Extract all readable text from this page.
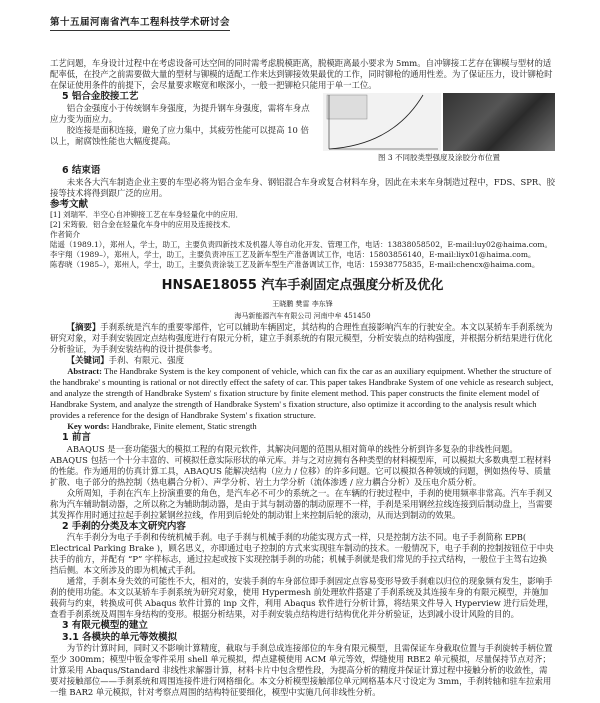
第十五届河南省汽车工程科技学术研讨会

工艺问题，车身设计过程中在考虑设备可达空间的同时需考虑脱模距离，脱模距离最小要求为 5mm。自冲铆接工艺存在铆模与型材的适配率低，在投产之前需要做大量的型材与铆模的适配工作来达到铆接效果最优的工作，同时铆枪的通用性差。为了保证压力，设计铆枪时在保证使用条件的前提下，会尽量要求喉宽和喉深小，一般一把铆枪只能用于单一工位。

图 3 不同胶类型强度及涂胶分布位置

5 铝合金胶接工艺

铝合金强度小于传统钢车身强度，为提升钢车身强度，需将车身点应力变为面应力。

胶连接是面积连接，避免了应力集中，其疲劳性能可以提高 10 倍以上，耐腐蚀性能也大幅度提高。

6 结束语

未来各大汽车制造企业主要的车型必将为铝合金车身、钢铝混合车身或复合材料车身，因此在未来车身制造过程中，FDS、SPR、胶接等技术将得到跟广泛的应用。

参考文献

[1] 刘瑞军．半空心自冲铆接工艺在车身轻量化中的应用．
[2] 宋筠毅．铝合金在轻量化车身中的应用及连接技术．
作者简介
陆遥（1989.1），郑州人，学士，助工，主要负责四新技术及机器人等自动化开发、管理工作，电话：13838058502，E-mail:luy02@haima.com。
李宇翔（1989–），郑州人，学士，助工，主要负责冲压工艺及新车型生产准备调试工作，电话：15803856140，E-mail:liyx01@haima.com。
陈春晓（1985–），郑州人，学士，助工，主要负责涂装工艺及新车型生产准备调试工作，电话：15938775835，E-mail:chencx@haima.com。
HNSAE18055 汽车手刹固定点强度分析及优化
王晓鹏 樊雷 李东锋
海马新能源汽车有限公司 河南中牟 451450

【摘要】手刹系统是汽车的重要零部件，它可以辅助车辆固定，其结构的合理性直接影响汽车的行驶安全。本文以某轿车手刹系统为研究对象，对手刹安装固定点结构强度进行有限元分析，建立手刹系统的有限元模型，分析安装点的结构强度，并根据分析结果进行优化分析验证，为手刹安装结构的设计提供参考。

【关键词】手刹、有限元、强度

Abstract: The Handbrake System is the key component of vehicle, which can fix the car as an auxiliary equipment. Whether the structure of the handbrake' s mounting is rational or not directly effect the safety of car. This paper takes Handbrake System of one vehicle as research subject, and analyze the strength of Handbrake System' s fixation structure by finite element method. This paper constructs the finite element model of Handbrake System, and analyze the strength of Handbrake System' s fixation structure, also optimize it according to the analysis result which provides a reference for the design of Handbrake System' s fixation structure.

Key words: Handbrake, Finite element, Static strength

1 前言

ABAQUS 是一套功能强大的模拟工程的有限元软件，其解决问题的范围从相对简单的线性分析到许多复杂的非线性问题。ABAQUS 包括一个十分丰富的、可模拟任意实际形状的单元库。并与之对应拥有各种类型的材料模型库，可以模拟大多数典型工程材料的性能。作为通用的仿真计算工具，ABAQUS 能解决结构（应力 / 位移）的许多问题。它可以模拟各种领域的问题，例如热传导、质量扩散、电子部分的热控制（热电耦合分析）、声学分析、岩土力学分析（流体渗透 / 应力耦合分析）及压电介质分析。

众所周知，手刹在汽车上扮演重要的角色，是汽车必不可少的系统之一。在车辆的行驶过程中，手刹的使用频率非常高。汽车手刹又称为汽车辅助制动器，之所以称之为辅助制动器，是由于其与制动器的制动原理不一样，手刹是采用钢丝拉线连接到后制动盘上，当需要其发挥作用时通过拉起手刹拉紧钢丝拉线，作用到后轮处的制动钳上来控制后轮的滚动，从而达到制动的效果。

2 手刹的分类及本文研究内容

汽车手刹分为电子手刹和传统机械手刹。电子手刹与机械手刹的功能实现方式一样，只是控制方法不同。电子手刹简称 EPB( Electrical Parking Brake )，顾名思义，亦即通过电子控制的方式来实现驻车制动的技术。一般情况下，电子手刹的控制按钮位于中央扶手的前方，并配有 “P” 字样标志，通过拉起或按下实现控制手刹的功能；机械手刹就是我们常见的手拉式结构，一般位于主驾右边换挡后侧。本文所涉及的即为机械式手刹。

通常，手刹本身失效的可能性不大，相对的，安装手刹的车身部位即手刹固定点容易变形导致手刹难以归位的现象频有发生，影响手刹的使用功能。本文以某轿车手刹系统为研究对象，使用 Hypermesh 前处理软件搭建了手刹系统及其连接车身的有限元模型，并施加载荷与约束，转换成可供 Abaqus 软件计算的 inp 文件，利用 Abaqus 软件进行分析计算，将结果文件导入 Hyperview 进行后处理，查看手刹系统及周围车身结构的变形。根据分析结果，对手刹安装点结构进行结构优化并分析验证，达到减小设计风险的目的。

3 有限元模型的建立

3.1 各模块的单元等效模拟

为节约计算时间，同时又不影响计算精度，截取与手刹总成连接部位的车身有限元模型，且需保证车身截取位置与手刹旋转手柄位置至少 300mm；模型中钣金零件采用 shell 单元模拟，焊点建模使用 ACM 单元等效，焊缝使用 RBE2 单元模拟，尽量保持节点对齐；计算采用 Abaqus/Standard 非线性求解器计算，材料卡片中包含塑性段，为提高分析的精度并保证计算过程中接触分析的收敛性，需要对接触部位——手刹系统和周围连接件进行网格细化。本文分析模型接触部位单元网格基本尺寸设定为 3mm，手刹转轴和驻车拉索用一维 BAR2 单元模拟，针对考察点周围的结构特征要细化，模型中实施几何非线性分析。
